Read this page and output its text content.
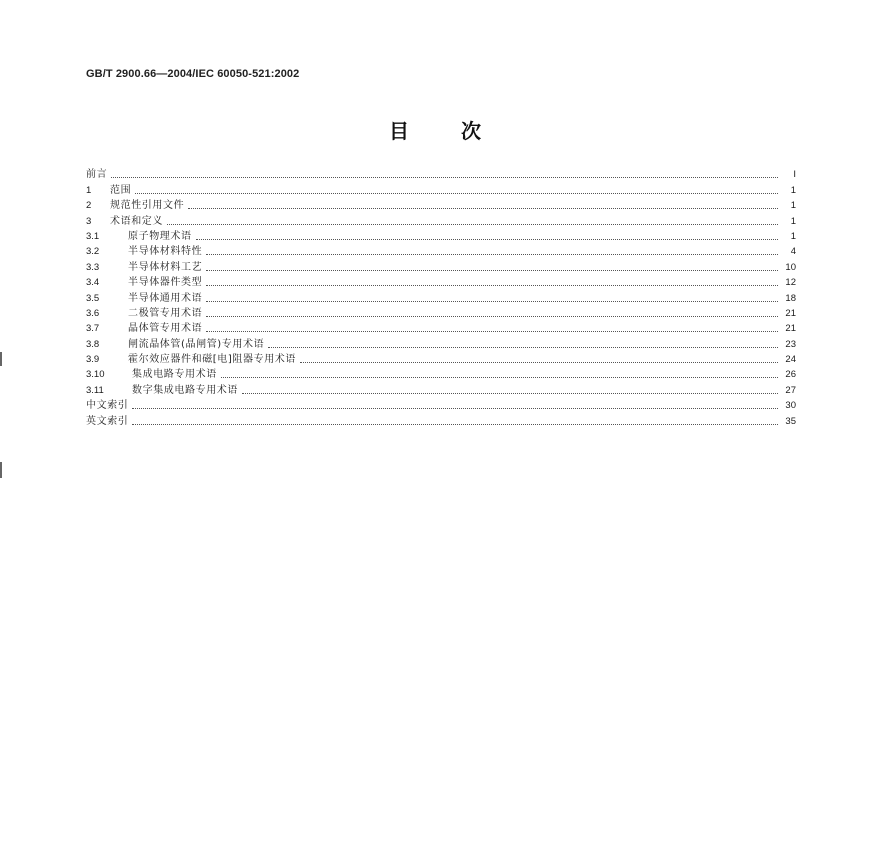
GB/T 2900.66—2004/IEC 60050-521:2002
目	次
前言	I
1	范围	1
2	规范性引用文件	1
3	术语和定义	1
3.1	原子物理术语	1
3.2	半导体材料特性	4
3.3	半导体材料工艺	10
3.4	半导体器件类型	12
3.5	半导体通用术语	18
3.6	二极管专用术语	21
3.7	晶体管专用术语	21
3.8	闸流晶体管(晶闸管)专用术语	23
3.9	霍尔效应器件和磁[电]阻器专用术语	24
3.10	集成电路专用术语	26
3.11	数字集成电路专用术语	27
中文索引	30
英文索引	35
